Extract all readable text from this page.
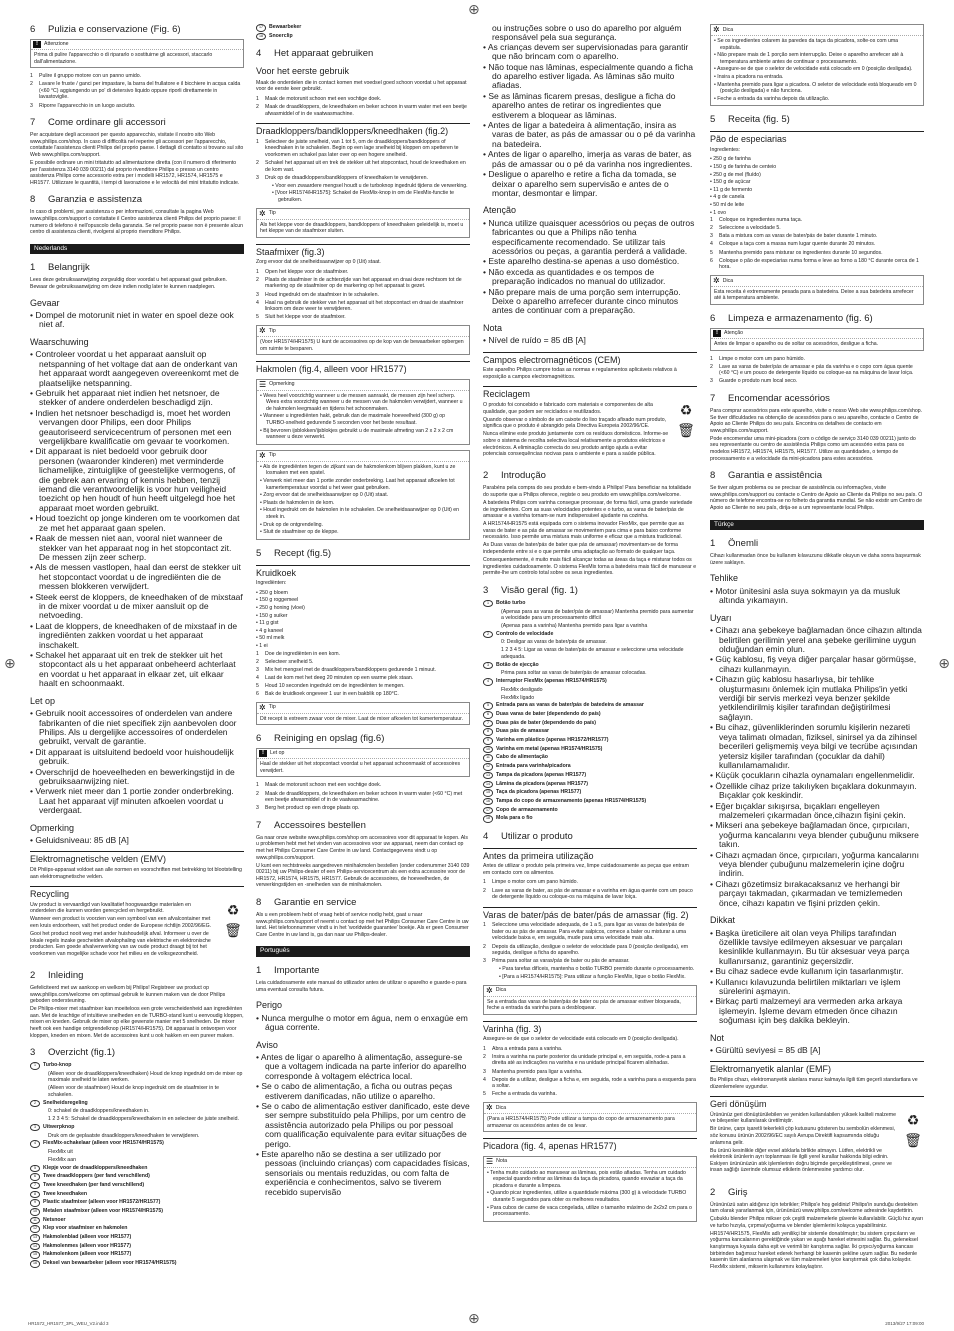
⊕
⊕	⊕
⊕
6 Pulizia e conservazione (Fig. 6)
!	Attenzione
Prima di pulire l'apparecchio o di ripararlo o sostituirne gli accessori, staccarlo dall'alimentazione.
1	Pulire il gruppo motore con un panno umido.
2	Lavare le fruste / ganci per impastare, la barra del frullatore e il bicchiere in acqua calda (<60 °C) aggiungendo un po' di detersivo liquido oppure riporli direttamente in lavastoviglie.
3	Riporre l'apparecchio in un luogo asciutto.
7 Come ordinare gli accessori
Per acquistare degli accessori per questo apparecchio, visitate il nostro sito Web www.philips.com/shop. In caso di difficoltà nel reperire gli accessori per l'apparecchio, contattate l'assistenza clienti Philips del proprio paese. I dettagli di contatto si trovano sul sito Web www.philips.com/support.
E possibile ordinare un mini tritatutto ad alimentazione diretta (con il numero di riferimento per l'assistenza 3140 039 00211) dal proprio rivenditore Philips o presso un centro assistenza Philips come accessorio extra per i modelli HR1572, HR1574, HR1575 e HR1577. Utilizzare le quantità, i tempi di lavorazione e le velocità del mini tritatutto indicate.
8 Garanzia e assistenza
In caso di problemi, per assistenza o per informazioni, consultate la pagina Web www.philips.com/support o contattate il Centro assistenza clienti Philips del proprio paese: il numero di telefono è nell'opuscolo della garanzia. Se nel proprio paese non è presente alcun centro di assistenza clienti, rivolgersi al proprio rivenditore Philips.
Nederlands
1 Belangrijk
Lees deze gebruiksaanwijzing zorgvuldig door voordat u het apparaat gaat gebruiken. Bewaar de gebruiksaanwijzing om deze indien nodig later te kunnen raadplegen.
Gevaar
• Dompel de motorunit niet in water en spoel deze ook niet af.
Waarschuwing
• Controleer voordat u het apparaat aansluit op netspanning of het voltage dat aan de onderkant van het apparaat wordt aangegeven overeenkomt met de plaatselijke netspanning.
• Gebruik het apparaat niet indien het netsnoer, de stekker of andere onderdelen beschadigd zijn.
• Indien het netsnoer beschadigd is, moet het worden vervangen door Philips, een door Philips geautoriseerd servicecentrum of personen met een vergelijkbare kwalificatie om gevaar te voorkomen.
• Dit apparaat is niet bedoeld voor gebruik door personen (waaronder kinderen) met verminderde lichamelijke, zintuiglijke of geestelijke vermogens, of die gebrek aan ervaring of kennis hebben, tenzij iemand die verantwoordelijk is voor hun veiligheid toezicht op hen houdt of hun heeft uitgelegd hoe het apparaat moet worden gebruikt.
• Houd toezicht op jonge kinderen om te voorkomen dat ze met het apparaat gaan spelen.
• Raak de messen niet aan, vooral niet wanneer de stekker van het apparaat nog in het stopcontact zit. De messen zijn zeer scherp.
• Als de messen vastlopen, haal dan eerst de stekker uit het stopcontact voordat u de ingrediënten die de messen blokkeren verwijdert.
• Steek eerst de kloppers, de kneedhaken of de mixstaaf in de mixer voordat u de mixer aansluit op de netvoeding.
• Laat de kloppers, de kneedhaken of de mixstaaf in de ingrediënten zakken voordat u het apparaat inschakelt.
• Schakel het apparaat uit en trek de stekker uit het stopcontact als u het apparaat onbeheerd achterlaat en voordat u het apparaat in elkaar zet, uit elkaar haalt en schoonmaakt.
Let op
• Gebruik nooit accessoires of onderdelen van andere fabrikanten of die niet specifiek zijn aanbevolen door Philips. Als u dergelijke accessoires of onderdelen gebruikt, vervalt de garantie.
• Dit apparaat is uitsluitend bedoeld voor huishoudelijk gebruik.
• Overschrijd de hoeveelheden en bewerkingstijd in de gebruiksaanwijzing niet.
• Verwerk niet meer dan 1 portie zonder onderbreking. Laat het apparaat vijf minuten afkoelen voordat u verdergaat.
Opmerking
• Geluidsniveau: 85 dB [A]
Elektromagnetische velden (EMV)
Dit Philips-apparaat voldoet aan alle normen en voorschriften met betrekking tot blootstelling aan elektromagnetische velden.
Recycling
Uw product is vervaardigd van kwalitatief hoogwaardige materialen en onderdelen die kunnen worden gerecycled en hergebruikt.
Wanneer een product is voorzien van een symbool van een afvalcontainer met een kruis erdoorheen, valt het product onder de Europese richtlijn 2002/96/EG.
Gooi het product nooit weg met ander huishoudelijk afval. Informeer u over de lokale regels inzake gescheiden afvalophaling van elektrische en elektronische producten. Een goede afvalverwerking van uw oude product draagt bij tot het voorkomen van mogelijke schade voor het milieu en de volksgezondheid.
♻
🗑
2 Inleiding
Gefeliciteerd met uw aankoop en welkom bij Philips! Registreer uw product op www.philips.com/welcome om optimaal gebruik te kunnen maken van de door Philips geboden ondersteuning.
De Philips-mixer met staafmixer kan moeiteloos een grote verscheidenheid aan ingrediënten aan. Met de krachtige of intuïtieve snelheden en de TURBO-stand kunt u eenvoudig kloppen, mixen en kneden. Gebruik de mixer op elke gewenste manier met 5 snelheden. De mixer heeft ook een handige ontgrendelknop (HR1574/HR1575). Dit apparaat is ontworpen voor kloppen, kneden en mixen. Met de accessoires kunt u ook hakken en een pureer maken.
3 Overzicht (fig.1)
1	Turbo-knop
(Alleen voor de draadkloppers/kneedhaken) Houd de knop ingedrukt om de mixer op maximale snelheid te laten werken.
(Alleen voor de staafmixer) Houd de knop ingedrukt om de staafmixer in te schakelen.
2	Snelheidsregeling
0: schakel de draadkloppers/kneedhaken in.
1 2 3 4 5: Schakel de draadkloppers/kneedhaken in en selecteer de juiste snelheid.
3	Uitwerpknop
Druk om de geplaatste draadkloppers/kneedhaken te verwijderen.
4	FlexMix-schakelaar (alleen voor HR1574/HR1575)
FlexMix uit
FlexMix aan
5	Klepje voor de draadkloppers/kneedhaken
6	Twee draadkloppers (per fand verschillend)
7	Twee kneedhaken (per fand verschillend)
8	Twee kneedhaken
9	Plastic staafmixer (alleen voor HR1572/HR1577)
10	Metalen staafmixer (alleen voor HR1574/HR1575)
11	Netsnoer
12	Klep voor staafmixer en hakmolen
13	Hakmolenblad (alleen voor HR1577)
14	Hakmolenmes (alleen voor HR1577)
15	Hakmolenkom (alleen voor HR1577)
16	Deksel van bewaarbeker (alleen voor HR1574/HR1575)
17	Bewaarbeker
18	Snoerclip
4 Het apparaat gebruiken
Voor het eerste gebruik
Maak de onderdelen die in contact komen met voedsel goed schoon voordat u het apparaat voor de eerste keer gebruikt.
1	Maak de motorunit schoon met een vochtige doek.
2	Maak de draadkloppers, de kneedhaken en beker schoon in warm water met een beetje afwasmiddel of in de vaatwasmachine.
Draadkloppers/bandkloppers/kneedhaken (fig.2)
1	Selecteer de juiste snelheid, van 1 tot 5, om de draadkloppers/bandkloppers of kneedhaken in te schakelen. Begin op een lage snelheid bij kloppen om spetteren te voorkomen en schakel pas later over op een hogere snelheid.
2	Schakel het apparaat uit en trek de stekker uit het stopcontact, houd de kneedhaken en de kom vast.
3	Druk op de draadkloppers/bandkloppers of kneedhaken te verwijderen.
• Voor een zwaardere mengsel houdt u de turboknop ingedrukt tijdens de verwerking.
• [Voor HR1574/HR1575]: Schakel de FlexMix-knop in om de FlexMix-functie te gebruiken.
✲ Tip
Als het kleppe voor de draadkloppers, bandkloppers of kneedhaken geleidelijk is, moet u het kleppe van de staafmixer sluiten.
Staafmixer (fig.3)
Zorg ervoor dat de snelheidsaanwijzer op 0 (Uit) staat.
1	Open het kleppe voor de staafmixer.
2	Plaats de staafmixer in de achterzijde van het apparaat en draai deze rechtsom tot de markering op de staafmixer op de markering op het apparaat is gezet.
3	Houd ingedrukt om de staafmixer in te schakelen.
4	Haal na gebruik de stekker van het apparaat uit het stopcontact en draai de staafmixer linksom om deze weer te verwijderen.
5	Sluit het kleppe voor de staafmixer.
✲ Tip
(Voor HR1574/HR1575) U kunt de accessoires op de kop van de bewaarbeker opbergen om ruimte te besparen.
Hakmolen (fig.4, alleen voor HR1577)
☰ Opmerking
• Wees heel voorzichtig wanneer u de messen aanraakt, de messen zijn heel scherp. Wees extra voorzichtig wanneer u de messen van de hakmolen verwijdert, wanneer u de hakmolen leegmaakt en tijdens het schoonmaken.
• Wanneer u ingrediënten hakt, gebruik dan de maximale hoeveelheid (300 g) op TURBO-snelheid gedurende 5 seconden voor het beste resultaat.
• Bij bevroren ijsblokken/ijsblokjes gebruikt u de maximale afmeting van 2 x 2 x 2 cm wanneer u deze verwerkt.
✲ Tip
• Als de ingrediënten tegen de zijkant van de hakmolenkom blijven plakken, kunt u ze losmaken met een spatel.
• Verwerk niet meer dan 1 portie zonder onderbreking. Laat het apparaat afkoelen tot kamertemperatuur voordat u het weer gaat gebruiken.
• Zorg ervoor dat de snelheidsaanwijzer op 0 (Uit) staat.
• Plaats de hakmolen in de kom.
• Houd ingedrukt om de hakmolen in te schakelen. De snelheidsaanwijzer op 0 (Uit) en steek in.
• Druk op de ontgrendeling.
• Sluit de staafmixer op de kleppe.
5 Recept (fig.5)
Kruidkoek
Ingrediënten:
• 250 g bloem
• 150 g roggemeel
• 250 g honing (vloei)
• 150 g suiker
• 11 g gist
• 4 g kaneel
• 50 ml melk
• 1 ei
1	Doe de ingrediënten in een kom.
2	Selecteer snelheid 5.
3	Mix het mengsel met de draadkloppers/bandkloppers gedurende 1 minuut.
4	Laat de kom met het deeg 20 minuten op een warme plek staan.
5	Houd 10 seconden ingedrukt om de ingrediënten te mengen.
6	Bak de kruidkoek ongeveer 1 uur in een bakblik op 180°C.
✲ Tip
Dit recept is extreem zwaar voor de mixer. Laat de mixer afkoelen tot kamertemperatuur.
6 Reiniging en opslag (fig.6)
!	Let op
Haal de stekker uit het stopcontact voordat u het apparaat schoonmaakt of accessoires verwijdert.
1	Maak de motorunit schoon met een vochtige doek.
2	Maak de draadkloppers, de kneedhaken en beker schoon in warm water (<60 °C) met een beetje afwasmiddel of in de vaatwasmachine.
3	Berg het product op een droge plaats op.
7 Accessoires bestellen
Ga naar onze website www.philips.com/shop om accessoires voor dit apparaat te kopen. Als u problemen hebt met het vinden van accessoires voor uw apparaat, neem dan contact op met het Philips Consumer Care Centre in uw land. Contactgegevens vindt u op www.philips.com/support.
U kunt een rechtstreeks aangedreven minihakmolen bestellen (onder codenummer 3140 039 00211) bij uw Philips-dealer of een Philips-servicecentrum als een extra accessoire voor de HR1572, HR1574, HR1575, HR1577. Gebruik de accessoires, de hoeveelheden, de verwerkingstijden en -snelheden van de minihakmolen.
8 Garantie en service
Als u een probleem hebt of vraag hebt of service nodig hebt, gaat u naar www.philips.com/support of neemt u contact op met het Philips Consumer Care Centre in uw land. Het telefoonnummer vindt u in het 'worldwide guarantee' boekje. Als er geen Consumer Care Centre in uw land is, ga dan naar uw Philips-dealer.
Português
1 Importante
Leia cuidadosamente este manual do utilizador antes de utilizar o aparelho e guarde-o para uma eventual consulta futura.
Perigo
• Nunca mergulhe o motor em água, nem o enxagúe em água corrente.
Aviso
• Antes de ligar o aparelho à alimentação, assegure-se que a voltagem indicada na parte inferior do aparelho corresponde à voltagem eléctrica local.
• Se o cabo de alimentação, a ficha ou outras peças estiverem danificadas, não utilize o aparelho.
• Se o cabo de alimentação estiver danificado, este deve ser sempre substituído pela Philips, por um centro de assistência autorizado pela Philips ou por pessoal com qualificação equivalente para evitar situações de perigo.
• Este aparelho não se destina a ser utilizado por pessoas (incluindo crianças) com capacidades físicas, sensoriais ou mentais reduzidas, ou com falta de experiência e conhecimentos, salvo se tiverem recebido supervisão
ou instruções sobre o uso do aparelho por alguém responsável pela sua segurança.
• As crianças devem ser supervisionadas para garantir que não brincam com o aparelho.
• Não toque nas lâminas, especialmente quando a ficha do aparelho estiver ligada. As lâminas são muito afiadas.
• Se as lâminas ficarem presas, desligue a ficha do aparelho antes de retirar os ingredientes que estiverem a bloquear as lâminas.
• Antes de ligar a batedeira à alimentação, insira as varas de bater, as pás de amassar ou o pé da varinha na batedeira.
• Antes de ligar o aparelho, imerja as varas de bater, as pás de amassar ou o pé da varinha nos ingredientes.
• Desligue o aparelho e retire a ficha da tomada, se deixar o aparelho sem supervisão e antes de o montar, desmontar e limpar.
Atenção
• Nunca utilize quaisquer acessórios ou peças de outros fabricantes ou que a Philips não tenha especificamente recomendado. Se utilizar tais acessórios ou peças, a garantia perderá a validade.
• Este aparelho destina-se apenas a uso doméstico.
• Não exceda as quantidades e os tempos de preparação indicados no manual do utilizador.
• Não prepare mais de uma porção sem interrupção. Deixe o aparelho arrefecer durante cinco minutos antes de continuar com a preparação.
Nota
• Nível de ruído = 85 dB [A]
Campos electromagnéticos (CEM)
Este aparelho Philips cumpre todas as normas e regulamentos aplicáveis relativos à exposição a campos electromagnéticos.
Reciclagem
O produto foi concebido e fabricado com materiais e componentes de alta qualidade, que podem ser reciclados e reutilizados.
Quando observar o símbolo de um caixote do lixo traçado afixado num produto, significa que o produto é abrangido pela Directiva Europeia 2002/96/CE.
Nunca elimine este produto juntamente com os resíduos domésticos. Informe-se sobre o sistema de recolha selectiva local relativamente a produtos eléctricos e electrónicos. A eliminação correcta do seu produto antigo ajuda a evitar potenciais consequências nocivas para o ambiente e para a saúde pública.
♻
🗑
2 Introdução
Parabéns pela compra do seu produto e bem-vindo à Philips! Para beneficiar na totalidade do suporte que a Philips oferece, registe o seu produto em www.philips.com/welcome.
A batedeira Philips com varinha consegue processar, de forma fácil, uma grande variedade de ingredientes. Com as suas velocidades potentes e o turbo, as varas de bater/pás de amassar e a varinha tornam-se num indispensável ajudante na cozinha.
A HR1574/HR1575 está equipada com o sistema inovador FlexMix, que permite que as varas de bater e as pás de amassar se movimentem para cima e para baixo conforme necessário. Isso permite uma mistura mais uniforme e eficaz que a mistura tradicional.
As Duas varas de bater/pás de bater que pás de amassar) movimentam-se de forma independente entre si e o que permite uma adaptação ao formato de qualquer taça.
Consequentemente, é muito mais fácil alcançar todas as áreas da taça e misturar todos os ingredientes cuidadosamente. O sistema FlexMix torna a batedeira mais fácil de manusear e permite-lhe um controlo total sobre os seus ingredientes.
3 Visão geral (fig. 1)
1	Botão turbo
(Apenas para as varas de bater/pás de amassar) Mantenha premido para aumentar a velocidade para um processamento difícil
(Apenas para a varinha) Mantenha premido para ligar a varinha
2	Controlo de velocidade
0: Desligar as varas de bater/pás de amassar.
1 2 3 4 5: Ligar as varas de bater/pás de amassar e seleccione uma velocidade adequada.
3	Botão de ejecção
Prima para soltar as varas de bater/pás de amassar colocadas.
4	Interruptor FlexMix (apenas HR1574/HR1575)
FlexMix desligado
FlexMix ligado
5	Entrada para as varas de bater/pás de batedeira de amassar
6	Duas varas de bater (dependendo do país)
7	Duas pás de bater (dependendo do país)
8	Duas pás de amassar
9	Varinha em plástico (apenas HR1572/HR1577)
10	Varinha em metal (apenas HR1574/HR1575)
11	Cabo de alimentação
12	Entrada para varinha/picadora
13	Tampa da picadora (apenas HR1577)
14	Lâmina da picadora (apenas HR1577)
15	Taça da picadora (apenas HR1577)
16	Tampa do copo de armazenamento (apenas HR1574/HR1575)
17	Copo de armazenamento
18	Mola para o fio
4 Utilizar o produto
Antes da primeira utilização
Antes de utilizar o produto pela primeira vez, limpe cuidadosamente as peças que entram em contacto com os alimentos.
1	Limpe o motor com um pano húmido.
2	Lave as varas de bater, as pás de amassar e a varinha em água quente com um pouco de detergente líquido ou coloque-os na máquina de lavar loiça.
Varas de bater/pás de bater/pás de amassar (fig. 2)
1	Seleccione uma velocidade adequada, de 1 a 5, para ligar as varas de bater/pás de bater ou as pás de amassar. Para evitar salpicos, comece a bater ou misturar a uma velocidade baixa e, em seguida, mude para uma velocidade mais alta.
2	Depois da utilização, desligue o seletor de velocidade para 0 (posição desligada), em seguida, desligue a ficha do aparelho.
3	Prima para soltar as varas/pás de bater ou pás de amassar.
• Para tarefas difíceis, mantenha o botão TURBO premido durante o processamento.
• [Para a HR1574/HR1575]: Para utilizar a função FlexMix, ligue o botão FlexMix.
✲ Dica
Se a entrada das varas de bater/pás de bater ou pás de amassar estiver bloqueada, feche a entrada da varinha para a desbloquear.
Varinha (fig. 3)
Assegure-se de que o seletor de velocidade está colocado em 0 (posição desligada).
1	Abra a entrada para a varinha.
2	Insira a varinha na parte posterior da unidade principal e, em seguida, rode-a para a direita até as indicações na varinha e na unidade principal ficarem alinhadas.
3	Mantenha premido para ligar a varinha.
4	Depois de a utilizar, desligue a ficha e, em seguida, rode a varinha para a esquerda para a soltar.
5	Feche a entrada da varinha.
✲ Dica
(Para a HR1574/HR1575) Pode utilizar a tampa do copo de armazenamento para armazenar os acessórios antes de os levar.
Picadora (fig. 4, apenas HR1577)
☰ Nota
• Tenha muito cuidado ao manusear as lâminas, pois estão afiadas. Tenha um cuidado especial quando retirar as lâminas da taça da picadora, quando esvaziar a taça da picadora e durante a limpeza.
• Quando picar ingredientes, utilize a quantidade máxima (300 g) à velocidade TURBO durante 5 segundos para obter os melhores resultados.
• Para cubos de carne de vaca congelada, utilize o tamanho máximo de 2x2x2 cm para o processamento.
✲ Dica
• Se os ingredientes colarem às paredes da taça da picadora, solte-os com uma espátula.
• Não prepare mais de 1 porção sem interrupção. Deixe o aparelho arrefecer até à temperatura ambiente antes de continuar o processamento.
• Assegure-se de que o seletor de velocidade está colocado em 0 (posição desligada).
• Insira a picadora na entrada.
• Mantenha premido para ligar a picadora. O seletor de velocidade está bloqueado em 0 (posição desligada) e não funciona.
• Feche a entrada da varinha depois da utilização.
5 Receita (fig. 5)
Pão de especiarias
Ingredientes:
• 250 g de farinha
• 150 g de farinha de centeio
• 250 g de mel (fluído)
• 150 g de açúcar
• 11 g de fermento
• 4 g de canela
• 50 ml de leite
• 1 ovo
1	Coloque os ingredientes numa taça.
2	Seleccione a velocidade 5.
3	Bata a mistura com as varas de bater/pás de bater durante 1 minuto.
4	Coloque a taça com a massa num lugar quente durante 20 minutos.
5	Mantenha premido para misturar os ingredientes durante 10 segundos.
6	Coloque o pão de especiarias numa forma e leve ao forno a 180 °C durante cerca de 1 hora.
✲ Dica
Esta receita é extremamente pesada para a batedeira. Deixe a sua batedeira arrefecer até à temperatura ambiente.
6 Limpeza e armazenamento (fig. 6)
!	Atenção
Antes de limpar o aparelho ou de soltar os acessórios, desligue a ficha.
1	Limpe o motor com um pano húmido.
2	Lave as varas de bater/pás de amassar e pás da varinha e o copo com água quente (<60 °C) e um pouco de detergente líquido ou coloque-as na máquina de lavar loiça.
3	Guarde o produto num local seco.
7 Encomendar acessórios
Para comprar acessórios para este aparelho, visite o nosso Web site www.philips.com/shop. Se tiver dificuldades na obtenção de acessórios para o seu aparelho, contacte o Centro de Apoio ao Cliente Philips do seu país. Encontra os detalhes de contacto em www.philips.com/support.
Pode encomendar uma mini-picadora (com o código de serviço 3140 039 00211) junto do seu representante ou centro de assistência Philips como um acessório extra para os modelos HR1572, HR1574, HR1575, HR1577. Utilize as quantidades, o tempo de processamento e a velocidade da mini-picadora para estes acessórios.
8 Garantia e assistência
Se tiver algum problema ou se precisar de assistência ou informações, visite www.philips.com/support ou contacte o Centro de Apoio ao Cliente da Philips no seu país. O número de telefone encontra-se no folheto da garantia mundial. Se não existir um Centro de Apoio ao Cliente no seu país, dirija-se a um representante local Philips.
Türkçe
1 Önemli
Cihazı kullanmadan önce bu kullanım kılavuzunu dikkatle okuyun ve daha sonra başvurmak üzere saklayın.
Tehlike
• Motor ünitesini asla suya sokmayın ya da musluk altında yıkamayın.
Uyarı
• Cihazı ana şebekeye bağlamadan önce cihazın altında belirtilen gerilimin yerel ana şebeke gerilimine uygun olduğundan emin olun.
• Güç kablosu, fiş veya diğer parçalar hasar görmüşse, cihazı kullanmayın.
• Cihazın güç kablosu hasarlıysa, bir tehlike oluşturmasını önlemek için mutlaka Philips'in yetki verdiği bir servis merkezi veya benzer şekilde yetkilendirilmiş kişiler tarafından değiştirilmesi sağlayın.
• Bu cihaz, güvenliklerinden sorumlu kişilerin nezareti veya talimatı olmadan, fiziksel, sinirsel ya da zihinsel becerileri gelişmemiş veya bilgi ve tecrübe açısından yetersiz kişiler tarafından (çocuklar da dahil) kullanılamamalıdır.
• Küçük çocukların cihazla oynamaları engellenmelidir.
• Özellikle cihaz prize takılıyken bıçaklara dokunmayın. Bıçaklar çok keskindir.
• Eğer bıçaklar sıkışırsa, bıçakları engelleyen malzemeleri çıkarmadan önce,cihazın fişini çekin.
• Mikseri ana şebekeye bağlamadan önce, çırpıcıları, yoğurma kancalarını veya blender çubuğunu miksere takın.
• Cihazı açmadan önce, çırpıcıları, yoğurma kancalarını veya blender çubuğunu malzemelerin içine doğru indirin.
• Cihazı gözetimsiz bırakacaksanız ve herhangi bir parçayı takmadan, çıkarmadan ve temizlemeden önce, cihazı kapatın ve fişini prizden çekin.
Dikkat
• Başka üreticilere ait olan veya Philips tarafından özellikle tavsiye edilmeyen aksesuar ve parçaları kesinlikle kullanmayın. Bu tür aksesuar veya parça kullanırsanız, garantiniz geçersizdir.
• Bu cihaz sadece evde kullanım için tasarlanmıştır.
• Kullanıcı kılavuzunda belirtilen miktarları ve işlem sürelerini aşmayın.
• Birkaç parti malzemeyi ara vermeden arka arkaya işlemeyin. İşleme devam etmeden önce cihazın soğuması için beş dakika bekleyin.
Not
• Gürültü seviyesi = 85 dB [A]
Elektromanyetik alanlar (EMF)
Bu Philips cihazı, elektromanyetik alanlara maruz kalmayla ilgili tüm geçerli standartlara ve düzenlemelere uygundur.
Geri dönüşüm
Ürününüz geri dönüştürülebilen ve yeniden kullanılabilen yüksek kaliteli malzeme ve bileşenler kullanılarak üretilmiştir.
Bir ürüne, çarpı işaretli tekerlekli çöp kutusunu gösteren bu sembolün eklenmesi, söz konusu ürünün 2002/96/EC sayılı Avrupa Direktifi kapsamında olduğu anlamına gelir.
Bu ürünü kesinlikle diğer evsel atıklarla birlikte atmayın. Lütfen, elektrikli ve elektronik ürünlerin ayrı toplanması ile ilgili yerel kurallar hakkında bilgi edinin. Eskiyen ürününüzün atık işlemlerinin doğru biçimde gerçekleştirilmesi, çevre ve insan sağlığı üzerinde olumsuz etkilerin önlenmesine yardımcı olur.
♻
🗑
2 Giriş
Ürününüzü satın aldığınız için tebrikler; Philips'e hoş geldiniz! Philips'in sunduğu destekten tam olarak yararlanmak için, ürününüzü www.philips.com/welcome adresinde kaydettirin.
Çubuklu blender Philips mikser çok çeşitli malzemelerle güvenle kullanılabilir. Güçlü hız ayarı ve turbo hızıyla, çırpma/yoğurma ve blender işlemlerini kolayca yapabilirsiniz.
HR1574/HR1575, FlexMix adlı yenilikçi bir sistemle donatılmıştır; bu sistem çırpıcıların ve yoğurma kancalarının gerektiğinde yukarı ve aşağı hareket etmesini sağlar. Bu, geleneksel karıştırmaya kıyasla daha eşit ve verimli bir karıştırma sağlar. İki çırpıcı/yoğurma kancası birbirinden bağımsız hareket ederek herhangi bir kasenin şekline uyum sağlar. Bu nedenle kasenin tüm alanlarına ulaşmak ve tüm malzemeleri iyice karıştırmak çok daha kolaydır. FlexMix sistemi, mikserin kullanımını kolaylaştırır.
HR1572_HR1577_3PL_WEU_V2.indd 3	2013/9/27 17:09:00
